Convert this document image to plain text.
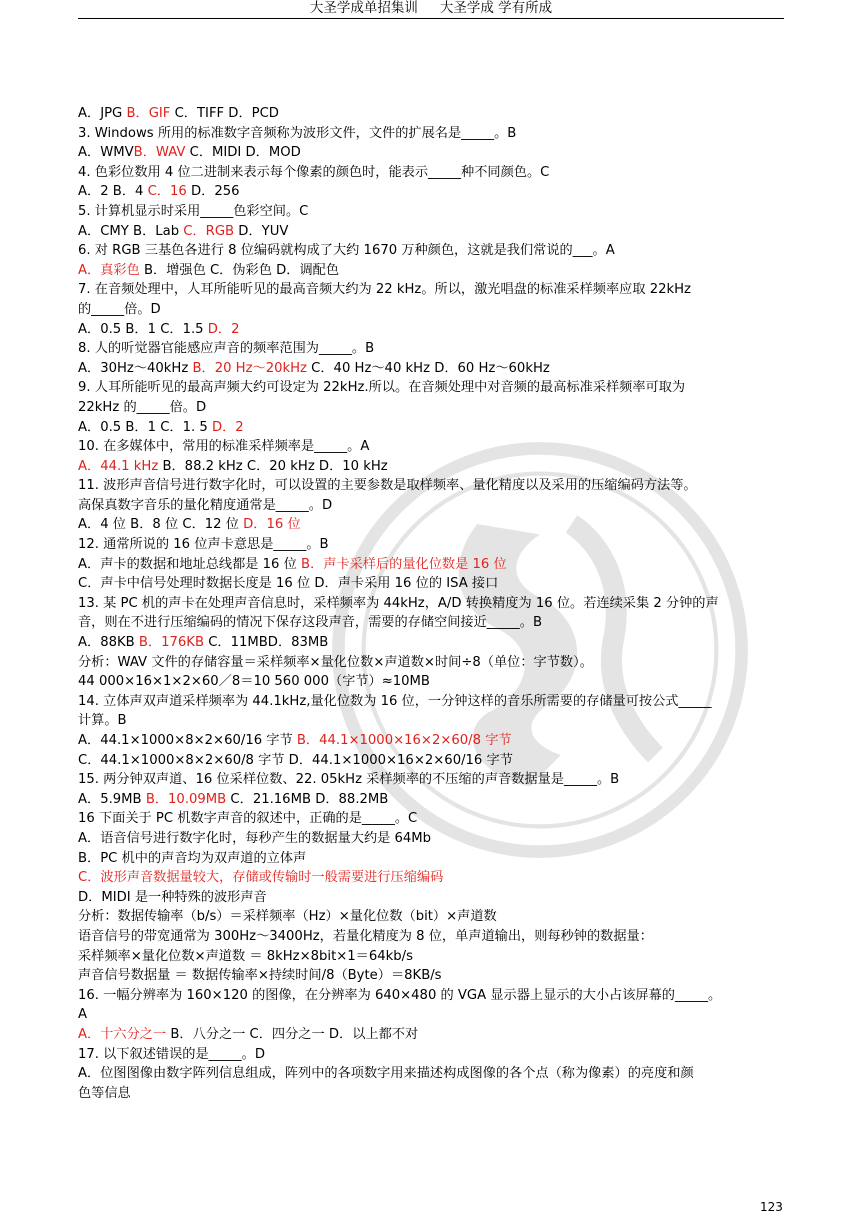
大圣学成单招集训 大圣学成 学有所成
A．JPG B．GIF C．TIFF D．PCD
3. Windows 所用的标准数字音频称为波形文件，文件的扩展名是_____。B
A．WMVB．WAV C．MIDI D．MOD
4. 色彩位数用 4 位二进制来表示每个像素的颜色时，能表示_____种不同颜色。C
A．2 B．4 C．16 D．256
5. 计算机显示时采用_____色彩空间。C
A．CMY B．Lab C．RGB D．YUV
6. 对 RGB 三基色各进行 8 位编码就构成了大约 1670 万种颜色，这就是我们常说的___。A
A．真彩色 B．增强色 C．伪彩色 D．调配色
7. 在音频处理中，人耳所能听见的最高音频大约为 22 kHz。所以，激光唱盘的标准采样频率应取 22kHz
的_____倍。D
A．0.5 B．1 C．1.5 D．2
8. 人的听觉器官能感应声音的频率范围为_____。B
A．30Hz～40kHz B．20 Hz～20kHz C．40 Hz～40 kHz D．60 Hz～60kHz
9. 人耳所能听见的最高声频大约可设定为 22kHz.所以。在音频处理中对音频的最高标准采样频率可取为
22kHz 的_____倍。D
A．0.5 B．1 C．1. 5 D．2
10. 在多媒体中，常用的标准采样频率是_____。A
A．44.1 kHz B．88.2 kHz C．20 kHz D．10 kHz
11. 波形声音信号进行数字化时，可以设置的主要参数是取样频率、量化精度以及采用的压缩编码方法等。
高保真数字音乐的量化精度通常是_____。D
A．4 位 B．8 位 C．12 位 D．16 位
12. 通常所说的 16 位声卡意思是_____。B
A．声卡的数据和地址总线都是 16 位 B．声卡采样后的量化位数是 16 位
C．声卡中信号处理时数据长度是 16 位 D．声卡采用 16 位的 ISA 接口
13. 某 PC 机的声卡在处理声音信息时，采样频率为 44kHz，A/D 转换精度为 16 位。若连续采集 2 分钟的声
音，则在不进行压缩编码的情况下保存这段声音，需要的存储空间接近_____。B
A．88KB B．176KB C．11MBD．83MB
分析：WAV 文件的存储容量＝采样频率×量化位数×声道数×时间÷8（单位：字节数）。
44 000×16×1×2×60／8＝10 560 000（字节）≈10MB
14. 立体声双声道采样频率为 44.1kHz,量化位数为 16 位，一分钟这样的音乐所需要的存储量可按公式_____
计算。B
A．44.1×1000×8×2×60/16 字节 B．44.1×1000×16×2×60/8 字节
C．44.1×1000×8×2×60/8 字节 D．44.1×1000×16×2×60/16 字节
15. 两分钟双声道、16 位采样位数、22. 05kHz 采样频率的不压缩的声音数据量是_____。B
A．5.9MB B．10.09MB C．21.16MB D．88.2MB
16 下面关于 PC 机数字声音的叙述中，正确的是_____。C
A．语音信号进行数字化时，每秒产生的数据量大约是 64Mb
B．PC 机中的声音均为双声道的立体声
C．波形声音数据量较大，存储或传输时一般需要进行压缩编码
D．MIDI 是一种特殊的波形声音
分析：数据传输率（b/s）＝采样频率（Hz）×量化位数（bit）×声道数
语音信号的带宽通常为 300Hz～3400Hz，若量化精度为 8 位，单声道输出，则每秒钟的数据量：
采样频率×量化位数×声道数 ＝ 8kHz×8bit×1＝64kb/s
声音信号数据量 ＝ 数据传输率×持续时间/8（Byte）＝8KB/s
16. 一幅分辨率为 160×120 的图像，在分辨率为 640×480 的 VGA 显示器上显示的大小占该屏幕的_____。
A
A．十六分之一 B．八分之一 C．四分之一 D．以上都不对
17. 以下叙述错误的是_____。D
A．位图图像由数字阵列信息组成，阵列中的各项数字用来描述构成图像的各个点（称为像素）的亮度和颜
色等信息
123
